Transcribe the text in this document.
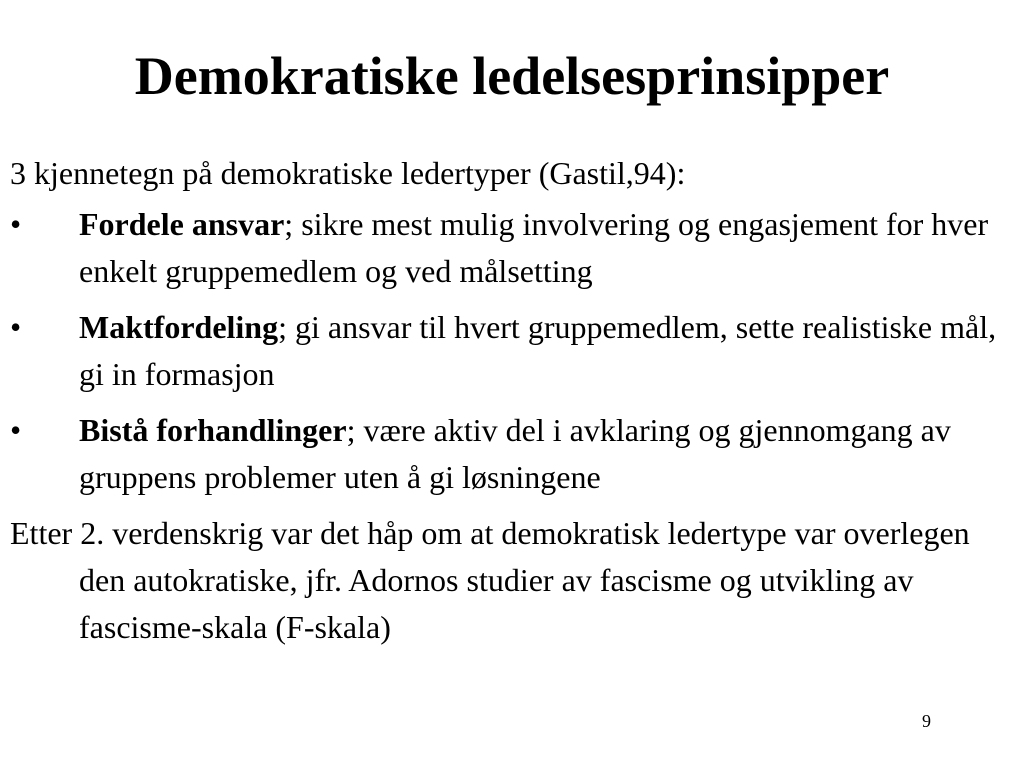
Demokratiske ledelsesprinsipper

3 kjennetegn på demokratiske ledertyper (Gastil,94):

• Fordele ansvar; sikre mest mulig involvering og engasjement for hver enkelt gruppemedlem og ved målsetting
• Maktfordeling; gi ansvar til hvert gruppemedlem, sette realistiske mål, gi in formasjon
• Bistå forhandlinger; være aktiv del i avklaring og gjennomgang av gruppens problemer uten å gi løsningene

Etter 2. verdenskrig var det håp om at demokratisk ledertype var overlegen den autokratiske, jfr. Adornos studier av fascisme og utvikling av fascisme-skala (F-skala)

9
